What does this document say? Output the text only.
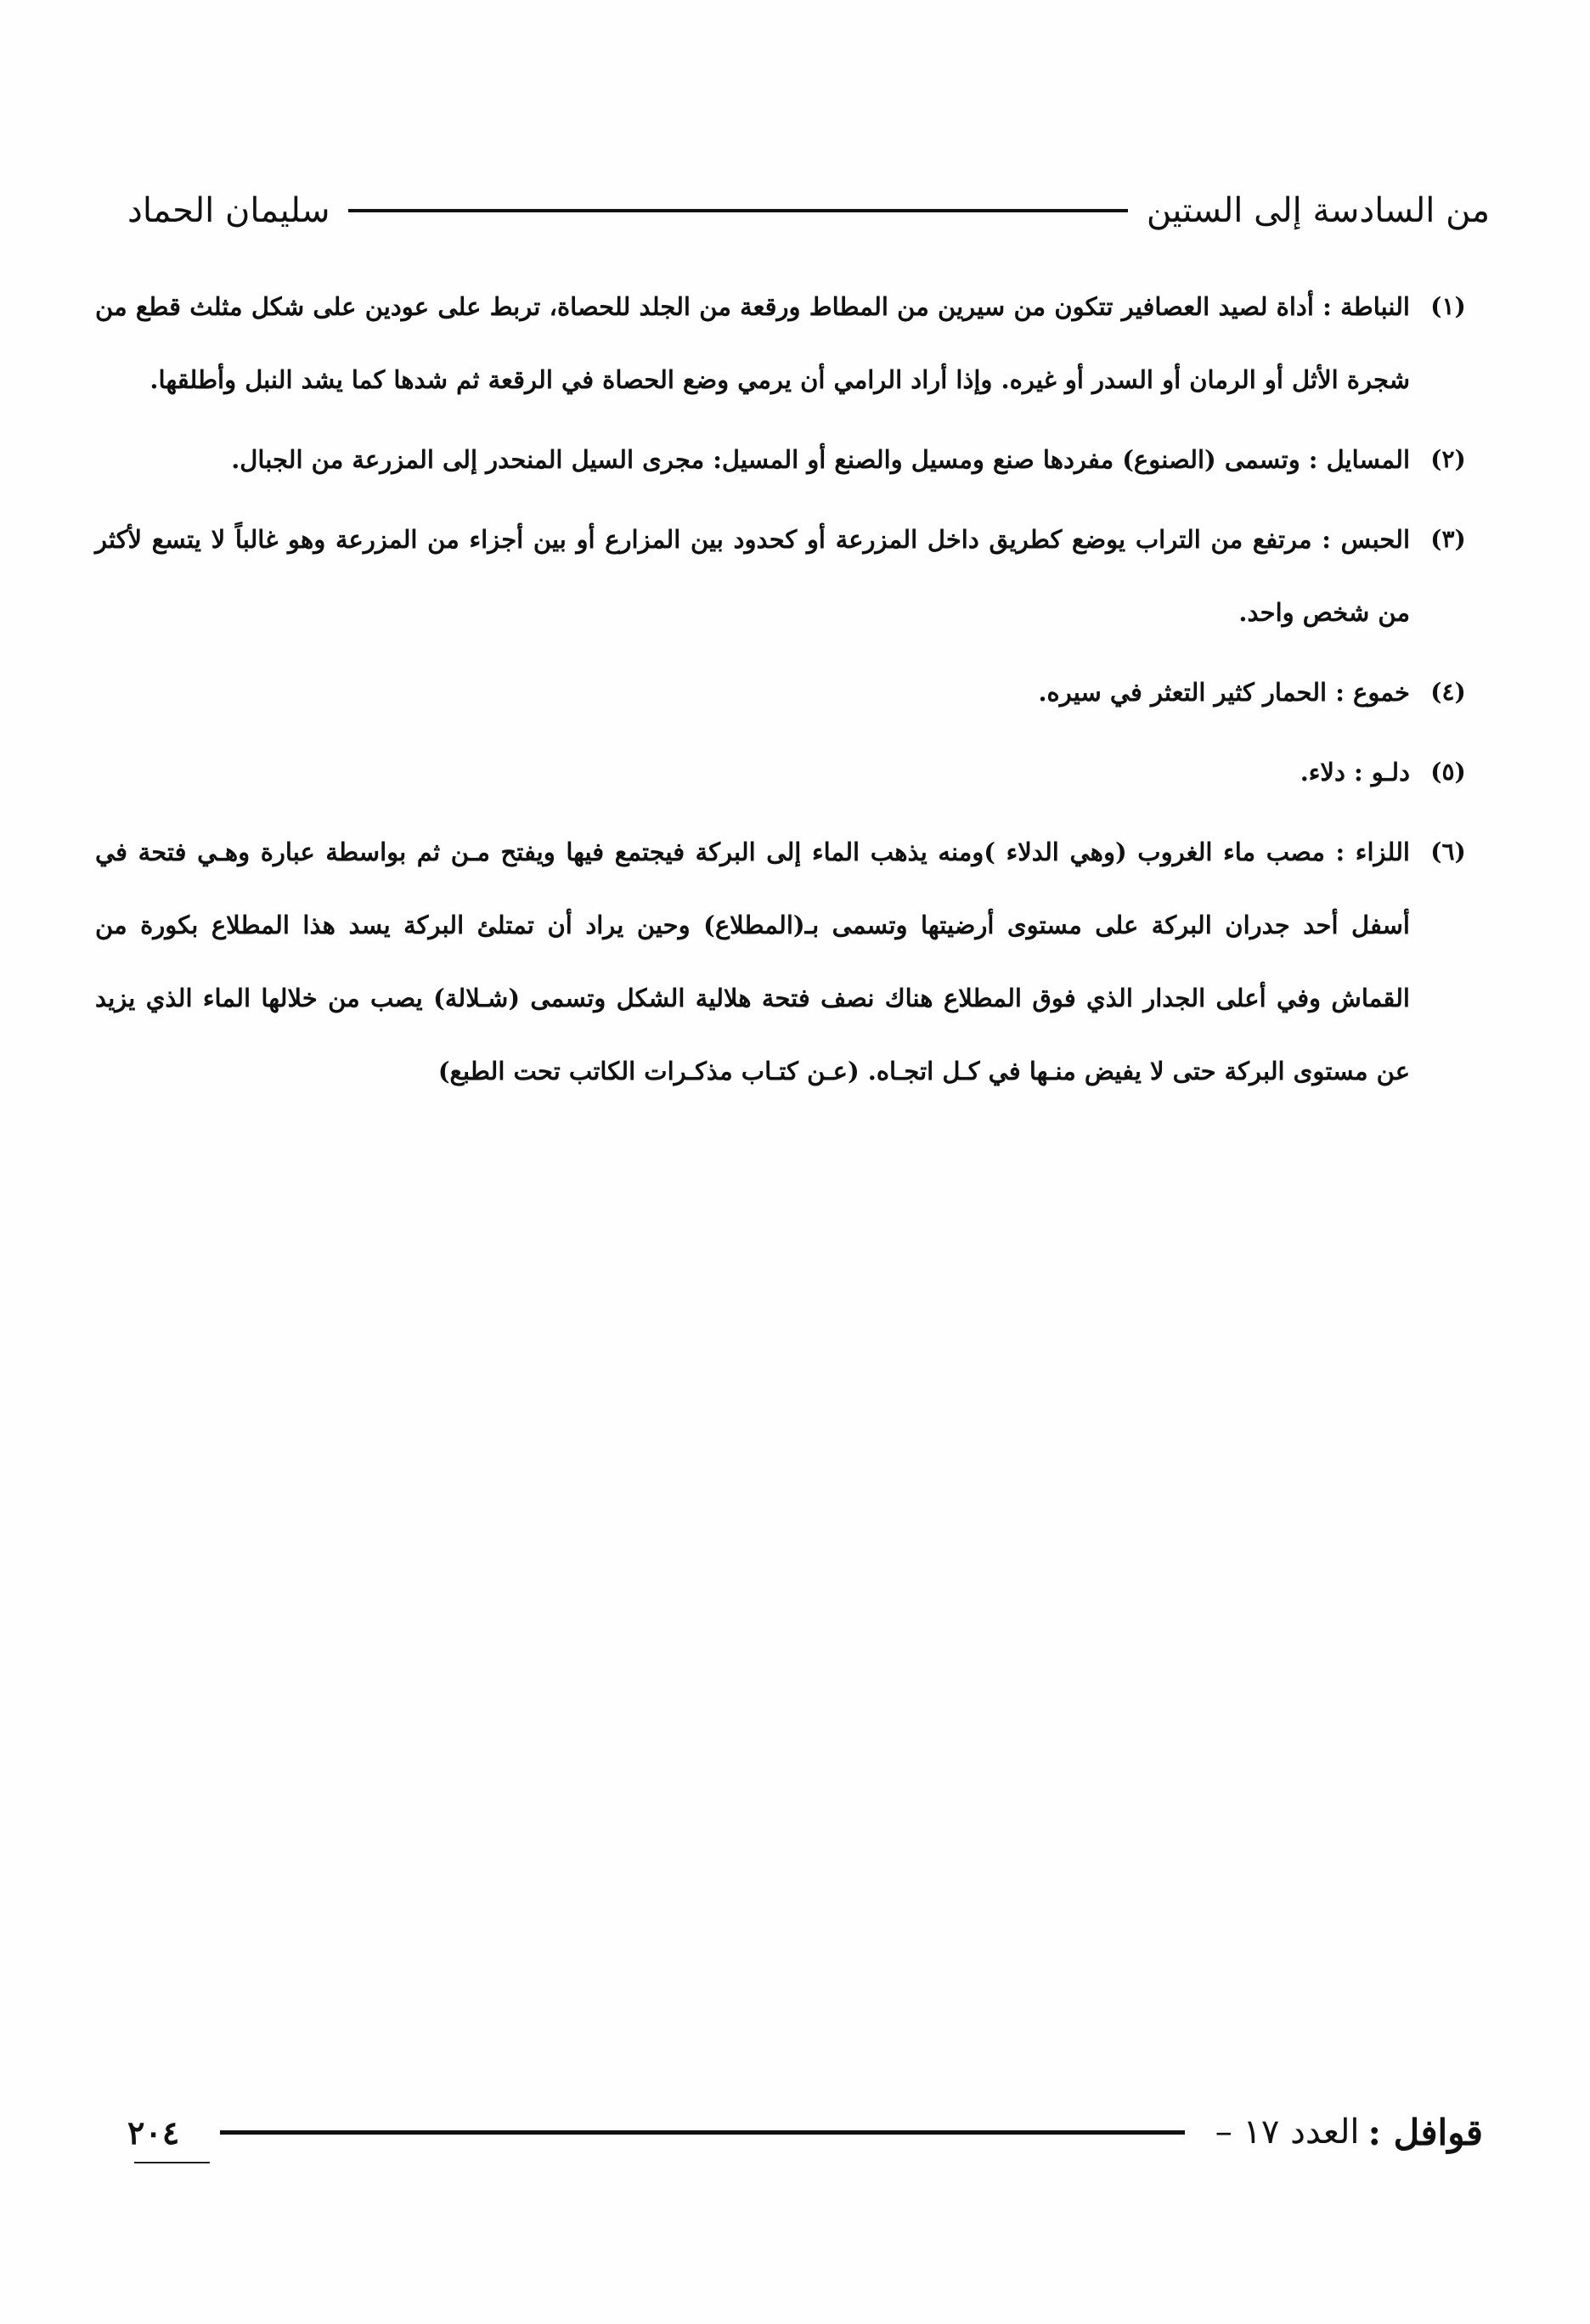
من السادسة إلى الستين
سليمان الحماد
(١)
النباطة : أداة لصيد العصافير تتكون من سيرين من المطاط ورقعة من الجلد للحصاة، تربط على عودين على شكل مثلث قطع من شجرة الأثل أو الرمان أو السدر أو غيره. وإذا أراد الرامي أن يرمي وضع الحصاة في الرقعة ثم شدها كما يشد النبل وأطلقها.
(٢)
المسايل : وتسمى (الصنوع) مفردها صنع ومسيل والصنع أو المسيل: مجرى السيل المنحدر إلى المزرعة من الجبال.
(٣)
الحبس : مرتفع من التراب يوضع كطريق داخل المزرعة أو كحدود بين المزارع أو بين أجزاء من المزرعة وهو غالباً لا يتسع لأكثر من شخص واحد.
(٤)
خموع : الحمار كثير التعثر في سيره.
(٥)
دلـو : دلاء.
(٦)
اللزاء : مصب ماء الغروب (وهي الدلاء )ومنه يذهب الماء إلى البركة فيجتمع فيها ويفتح مـن ثم بواسطة عبارة وهـي فتحة في أسفل أحد جدران البركة على مستوى أرضيتها وتسمى بـ(المطلاع) وحين يراد أن تمتلئ البركة يسد هذا المطلاع بكورة من القماش وفي أعلى الجدار الذي فوق المطلاع هناك نصف فتحة هلالية الشكل وتسمى (شـلالة) يصب من خلالها الماء الذي يزيد عن مستوى البركة حتى لا يفيض منـها في كـل اتجـاه. (عـن كتـاب مذكـرات الكاتب تحت الطبع)
قوافل :
العدد ١٧ –
٢٠٤
